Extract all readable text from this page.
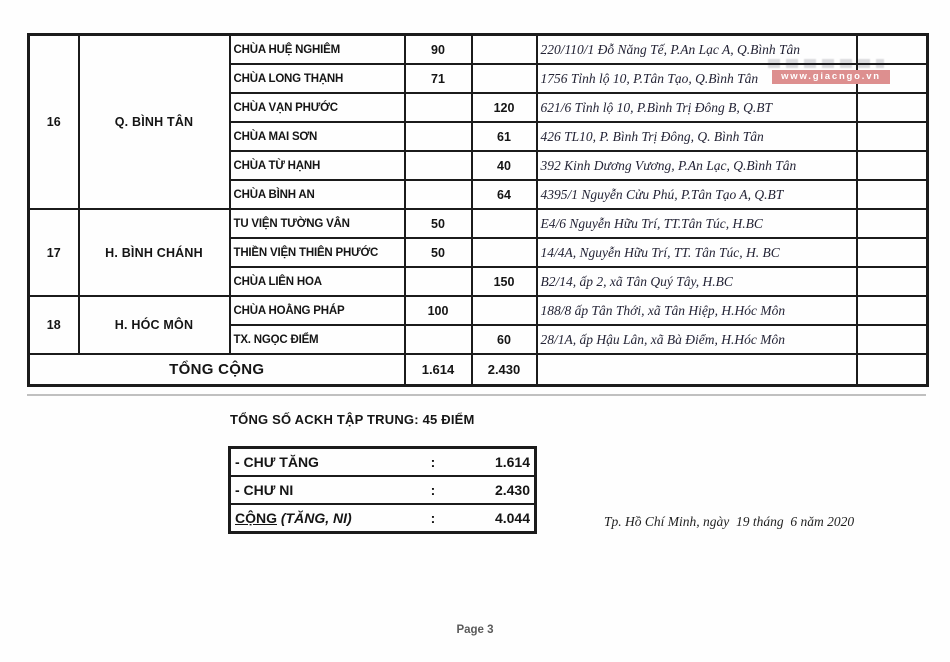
www.giacngo.vn
16	Q. BÌNH TÂN	CHÙA HUỆ NGHIÊM	90		220/110/1 Đỗ Năng Tế, P.An Lạc A, Q.Bình Tân	
		CHÙA LONG THẠNH	71		1756 Tỉnh lộ 10, P.Tân Tạo, Q.Bình Tân	
		CHÙA VẠN PHƯỚC		120	621/6 Tỉnh lộ 10, P.Bình Trị Đông B, Q.BT	
		CHÙA MAI SƠN		61	426 TL10, P. Bình Trị Đông, Q. Bình Tân	
		CHÙA TỪ HẠNH		40	392 Kinh Dương Vương, P.An Lạc, Q.Bình Tân	
		CHÙA BÌNH AN		64	4395/1 Nguyễn Cửu Phú, P.Tân Tạo A, Q.BT	
17	H. BÌNH CHÁNH	TU VIỆN TƯỜNG VÂN	50		E4/6 Nguyễn Hữu Trí, TT.Tân Túc, H.BC	
		THIỀN VIỆN THIÊN PHƯỚC	50		14/4A, Nguyễn Hữu Trí, TT. Tân Túc, H. BC	
		CHÙA LIÊN HOA		150	B2/14, ấp 2, xã Tân Quý Tây, H.BC	
18	H. HÓC MÔN	CHÙA HOẰNG PHÁP	100		188/8 ấp Tân Thới, xã Tân Hiệp, H.Hóc Môn	
		TX. NGỌC ĐIỂM		60	28/1A, ấp Hậu Lân, xã Bà Điểm, H.Hóc Môn	
TỔNG CỘNG			1.614	2.430		
TỔNG SỐ ACKH TẬP TRUNG: 45 ĐIỂM
- CHƯ TĂNG	:	1.614
- CHƯ NI	:	2.430
CỘNG (TĂNG, NI)	:	4.044	Tp. Hồ Chí Minh, ngày  19 tháng  6 năm 2020
Page 3
